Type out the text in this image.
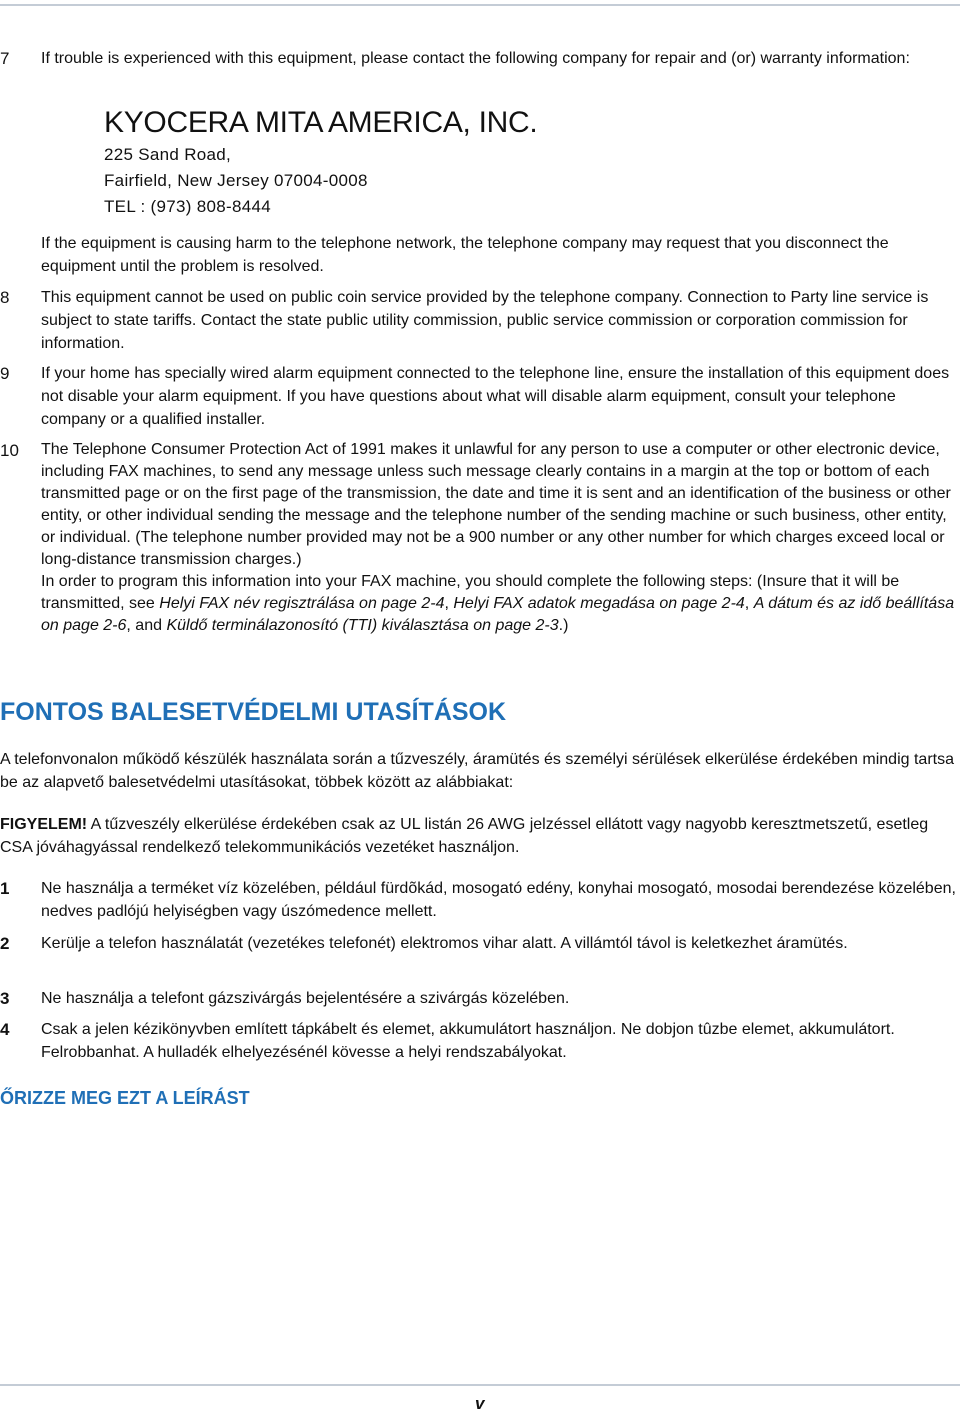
7 If trouble is experienced with this equipment, please contact the following company for repair and (or) warranty information:
KYOCERA MITA AMERICA, INC.
225 Sand Road,
Fairfield, New Jersey 07004-0008
TEL : (973) 808-8444
If the equipment is causing harm to the telephone network, the telephone company may request that you disconnect the equipment until the problem is resolved.
8 This equipment cannot be used on public coin service provided by the telephone company. Connection to Party line service is subject to state tariffs. Contact the state public utility commission, public service commission or corporation commission for information.
9 If your home has specially wired alarm equipment connected to the telephone line, ensure the installation of this equipment does not disable your alarm equipment. If you have questions about what will disable alarm equipment, consult your telephone company or a qualified installer.
10 The Telephone Consumer Protection Act of 1991 makes it unlawful for any person to use a computer or other electronic device, including FAX machines, to send any message unless such message clearly contains in a margin at the top or bottom of each transmitted page or on the first page of the transmission, the date and time it is sent and an identification of the business or other entity, or other individual sending the message and the telephone number of the sending machine or such business, other entity, or individual. (The telephone number provided may not be a 900 number or any other number for which charges exceed local or long-distance transmission charges.)
In order to program this information into your FAX machine, you should complete the following steps: (Insure that it will be transmitted, see Helyi FAX név regisztrálása on page 2-4, Helyi FAX adatok megadása on page 2-4, A dátum és az idő beállítása on page 2-6, and Küldő terminálazonosító (TTI) kiválasztása on page 2-3.)
FONTOS BALESETVÉDELMI UTASÍTÁSOK
A telefonvonalon működő készülék használata során a tűzveszély, áramütés és személyi sérülések elkerülése érdekében mindig tartsa be az alapvető balesetvédelmi utasításokat, többek között az alábbiakat:
FIGYELEM! A tűzveszély elkerülése érdekében csak az UL listán 26 AWG jelzéssel ellátott vagy nagyobb keresztmetszetű, esetleg CSA jóváhagyással rendelkező telekommunikációs vezetéket használjon.
1 Ne használja a terméket víz közelében, például fürdõkád, mosogató edény, konyhai mosogató, mosodai berendezése közelében, nedves padlójú helyiségben vagy úszómedence mellett.
2 Kerülje a telefon használatát (vezetékes telefonét) elektromos vihar alatt. A villámtól távol is keletkezhet áramütés.
3 Ne használja a telefont gázszivárgás bejelentésére a szivárgás közelében.
4 Csak a jelen kézikönyvben említett tápkábelt és elemet, akkumulátort használjon. Ne dobjon tûzbe elemet, akkumulátort. Felrobbanhat. A hulladék elhelyezésénél kövesse a helyi rendszabályokat.
ŐRIZZE MEG EZT A LEÍRÁST
v
